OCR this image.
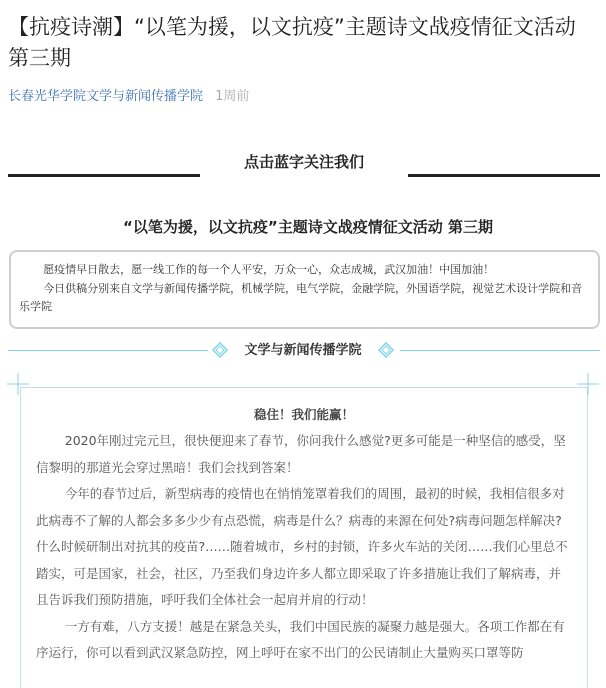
【抗疫诗潮】“以笔为援，以文抗疫”主题诗文战疫情征文活动 第三期
长春光华学院文学与新闻传播学院 1周前
点击蓝字关注我们
“以笔为援，以文抗疫”主题诗文战疫情征文活动 第三期

愿疫情早日散去，愿一线工作的每一个人平安，万众一心，众志成城，武汉加油！中国加油！

今日供稿分别来自文学与新闻传播学院，机械学院，电气学院，金融学院，外国语学院，视觉艺术设计学院和音乐学院

文学与新闻传播学院
稳住！我们能赢！

2020年刚过完元旦，很快便迎来了春节，你问我什么感觉?更多可能是一种坚信的感受，坚信黎明的那道光会穿过黑暗！我们会找到答案！

今年的春节过后，新型病毒的疫情也在悄悄笼罩着我们的周围，最初的时候，我相信很多对此病毒不了解的人都会多多少少有点恐慌，病毒是什么？病毒的来源在何处?病毒问题怎样解决?什么时候研制出对抗其的疫苗?……随着城市，乡村的封锁，许多火车站的关闭……我们心里总不踏实，可是国家，社会，社区，乃至我们身边许多人都立即采取了许多措施让我们了解病毒，并且告诉我们预防措施，呼吁我们全体社会一起肩并肩的行动！

一方有难，八方支援！越是在紧急关头，我们中国民族的凝聚力越是强大。各项工作都在有序运行，你可以看到武汉紧急防控，网上呼吁在家不出门的公民请制止大量购买口罩等防
